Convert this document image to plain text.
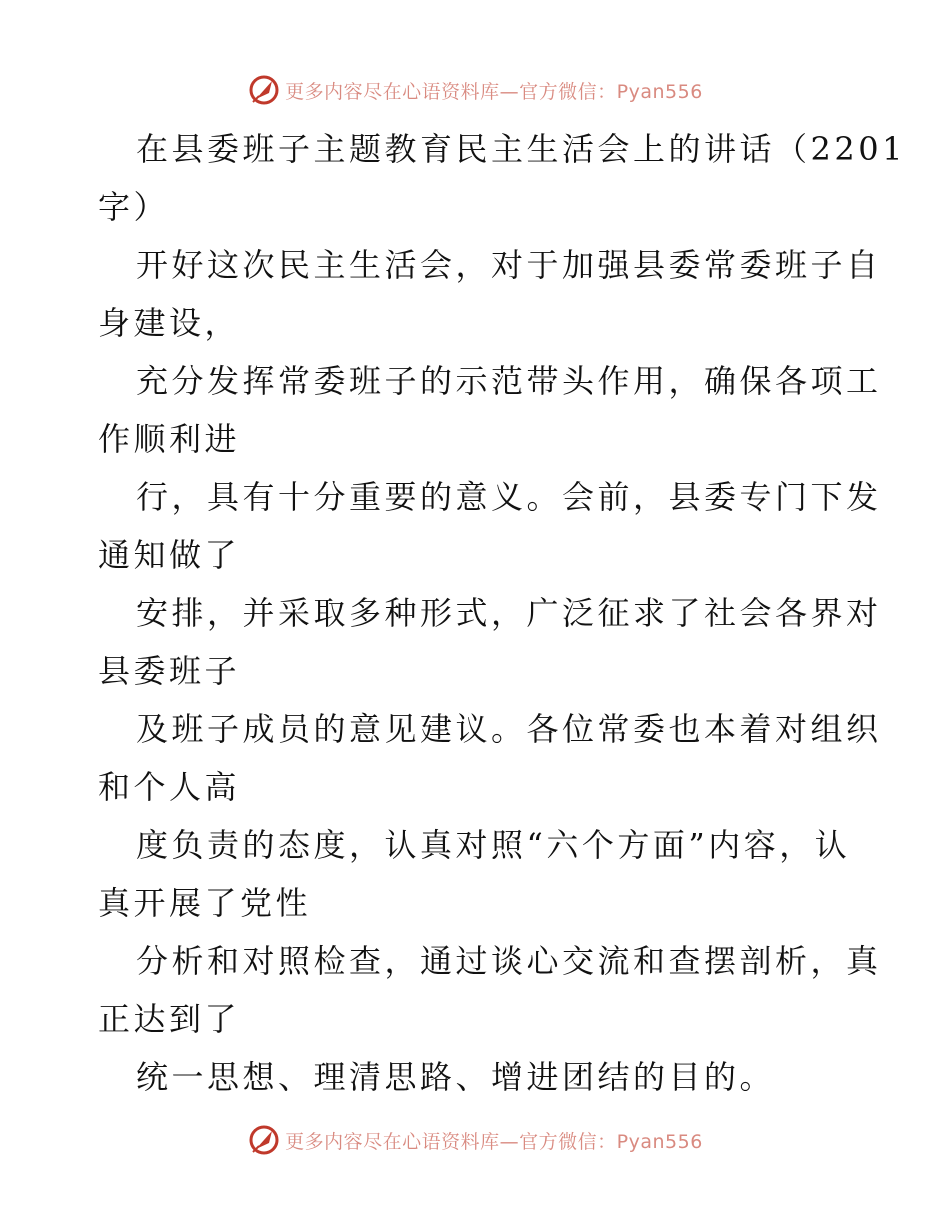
更多内容尽在心语资料库—官方微信：Pyan556
在县委班子主题教育民主生活会上的讲话（2201
字）
开好这次民主生活会，对于加强县委常委班子自
身建设，
充分发挥常委班子的示范带头作用，确保各项工
作顺利进
行，具有十分重要的意义。会前，县委专门下发
通知做了
安排，并采取多种形式，广泛征求了社会各界对
县委班子
及班子成员的意见建议。各位常委也本着对组织
和个人高
度负责的态度，认真对照“六个方面”内容，认
真开展了党性
分析和对照检查，通过谈心交流和查摆剖析，真
正达到了
统一思想、理清思路、增进团结的目的。
更多内容尽在心语资料库—官方微信：Pyan556
